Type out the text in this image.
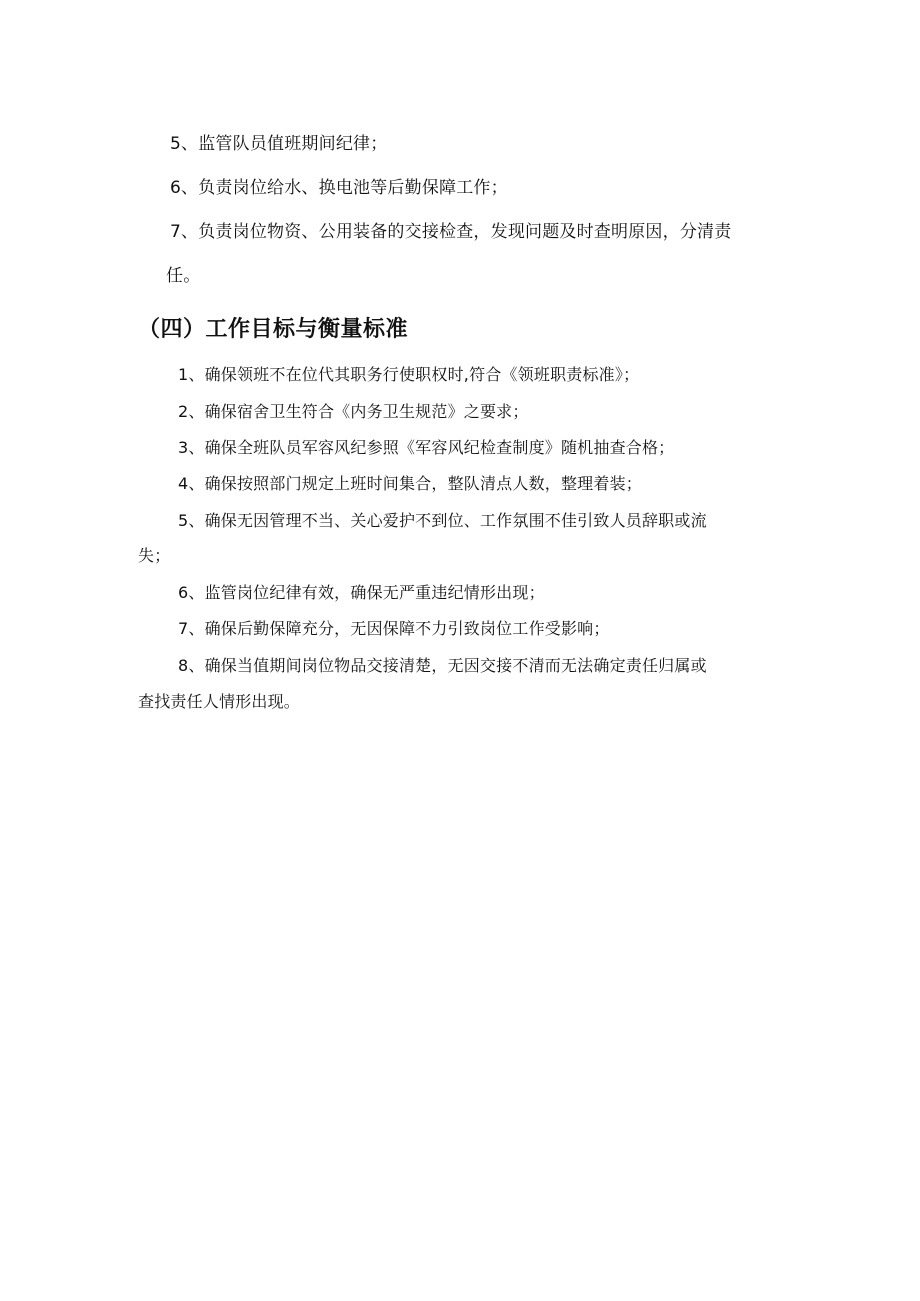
5、监管队员值班期间纪律；
6、负责岗位给水、换电池等后勤保障工作；
7、负责岗位物资、公用装备的交接检查，发现问题及时查明原因，分清责
任。
（四）工作目标与衡量标准
1、确保领班不在位代其职务行使职权时,符合《领班职责标准》；
2、确保宿舍卫生符合《内务卫生规范》之要求；
3、确保全班队员军容风纪参照《军容风纪检查制度》随机抽查合格；
4、确保按照部门规定上班时间集合，整队清点人数，整理着装；
5、确保无因管理不当、关心爱护不到位、工作氛围不佳引致人员辞职或流
失；
6、监管岗位纪律有效，确保无严重违纪情形出现；
7、确保后勤保障充分，无因保障不力引致岗位工作受影响；
8、确保当值期间岗位物品交接清楚，无因交接不清而无法确定责任归属或
查找责任人情形出现。
